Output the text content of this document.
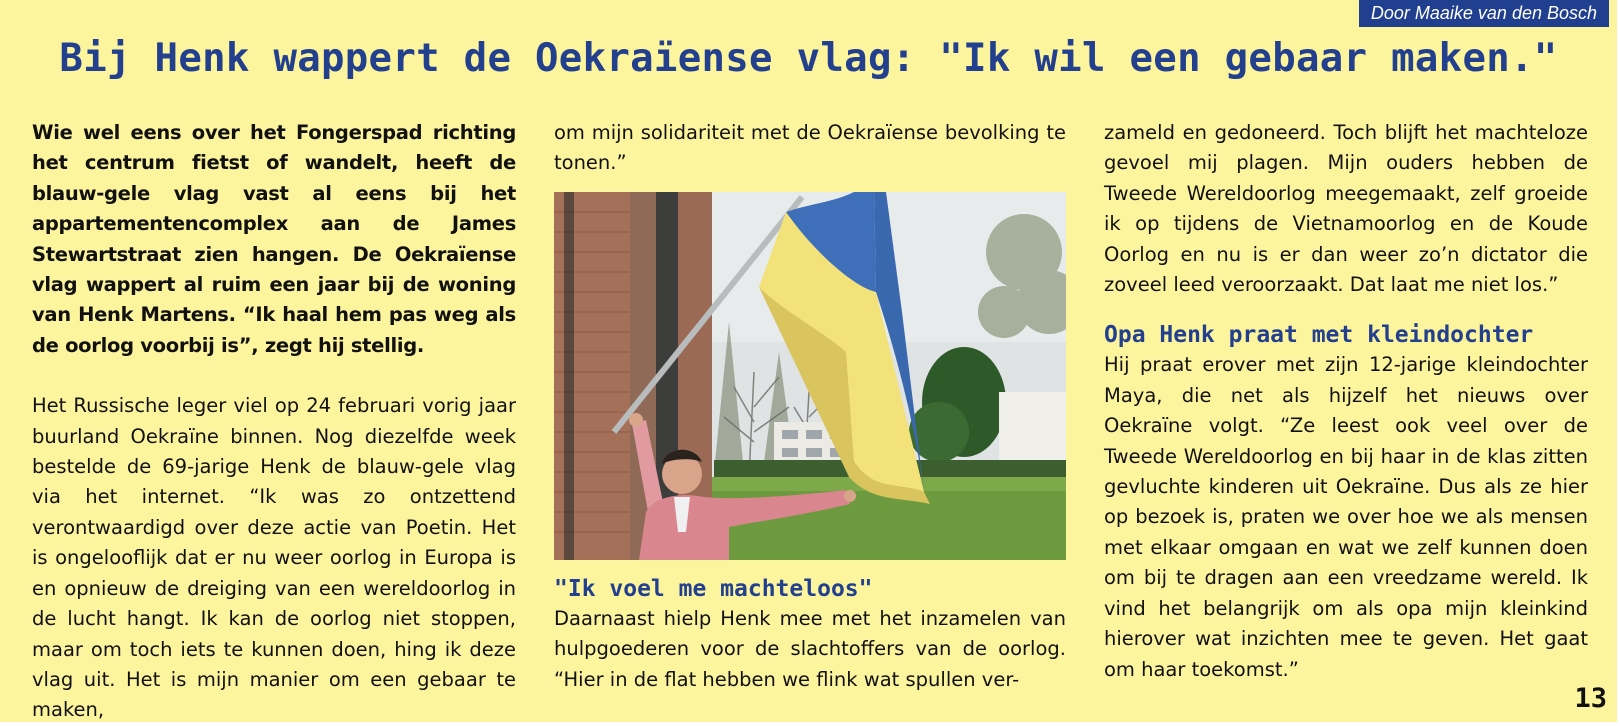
Door Maaike van den Bosch
Bij Henk wappert de Oekraïense vlag: "Ik wil een gebaar maken."

Wie wel eens over het Fongerspad richting het centrum fietst of wandelt, heeft de blauw-gele vlag vast al eens bij het appartementencomplex aan de James Stewartstraat zien hangen. De Oekraïense vlag wappert al ruim een jaar bij de woning van Henk Martens. “Ik haal hem pas weg als de oorlog voorbij is”, zegt hij stellig.

Het Russische leger viel op 24 februari vorig jaar buurland Oekraïne binnen. Nog diezelfde week bestelde de 69-jarige Henk de blauw-gele vlag via het internet. “Ik was zo ontzettend verontwaardigd over deze actie van Poetin. Het is ongelooflijk dat er nu weer oorlog in Europa is en opnieuw de dreiging van een wereldoorlog in de lucht hangt. Ik kan de oorlog niet stoppen, maar om toch iets te kunnen doen, hing ik deze vlag uit. Het is mijn manier om een gebaar te maken,

om mijn solidariteit met de Oekraïense bevolking te tonen.”

"Ik voel me machteloos"

Daarnaast hielp Henk mee met het inzamelen van hulpgoederen voor de slachtoffers van de oorlog. “Hier in de flat hebben we flink wat spullen ver-

zameld en gedoneerd. Toch blijft het machteloze gevoel mij plagen. Mijn ouders hebben de Tweede Wereldoorlog meegemaakt, zelf groeide ik op tijdens de Vietnamoorlog en de Koude Oorlog en nu is er dan weer zo’n dictator die zoveel leed veroorzaakt. Dat laat me niet los.”

Opa Henk praat met kleindochter

Hij praat erover met zijn 12-jarige kleindochter Maya, die net als hijzelf het nieuws over Oekraïne volgt. “Ze leest ook veel over de Tweede Wereldoorlog en bij haar in de klas zitten gevluchte kinderen uit Oekraïne. Dus als ze hier op bezoek is, praten we over hoe we als mensen met elkaar omgaan en wat we zelf kunnen doen om bij te dragen aan een vreedzame wereld. Ik vind het belangrijk om als opa mijn kleinkind hierover wat inzichten mee te geven. Het gaat om haar toekomst.”

13
